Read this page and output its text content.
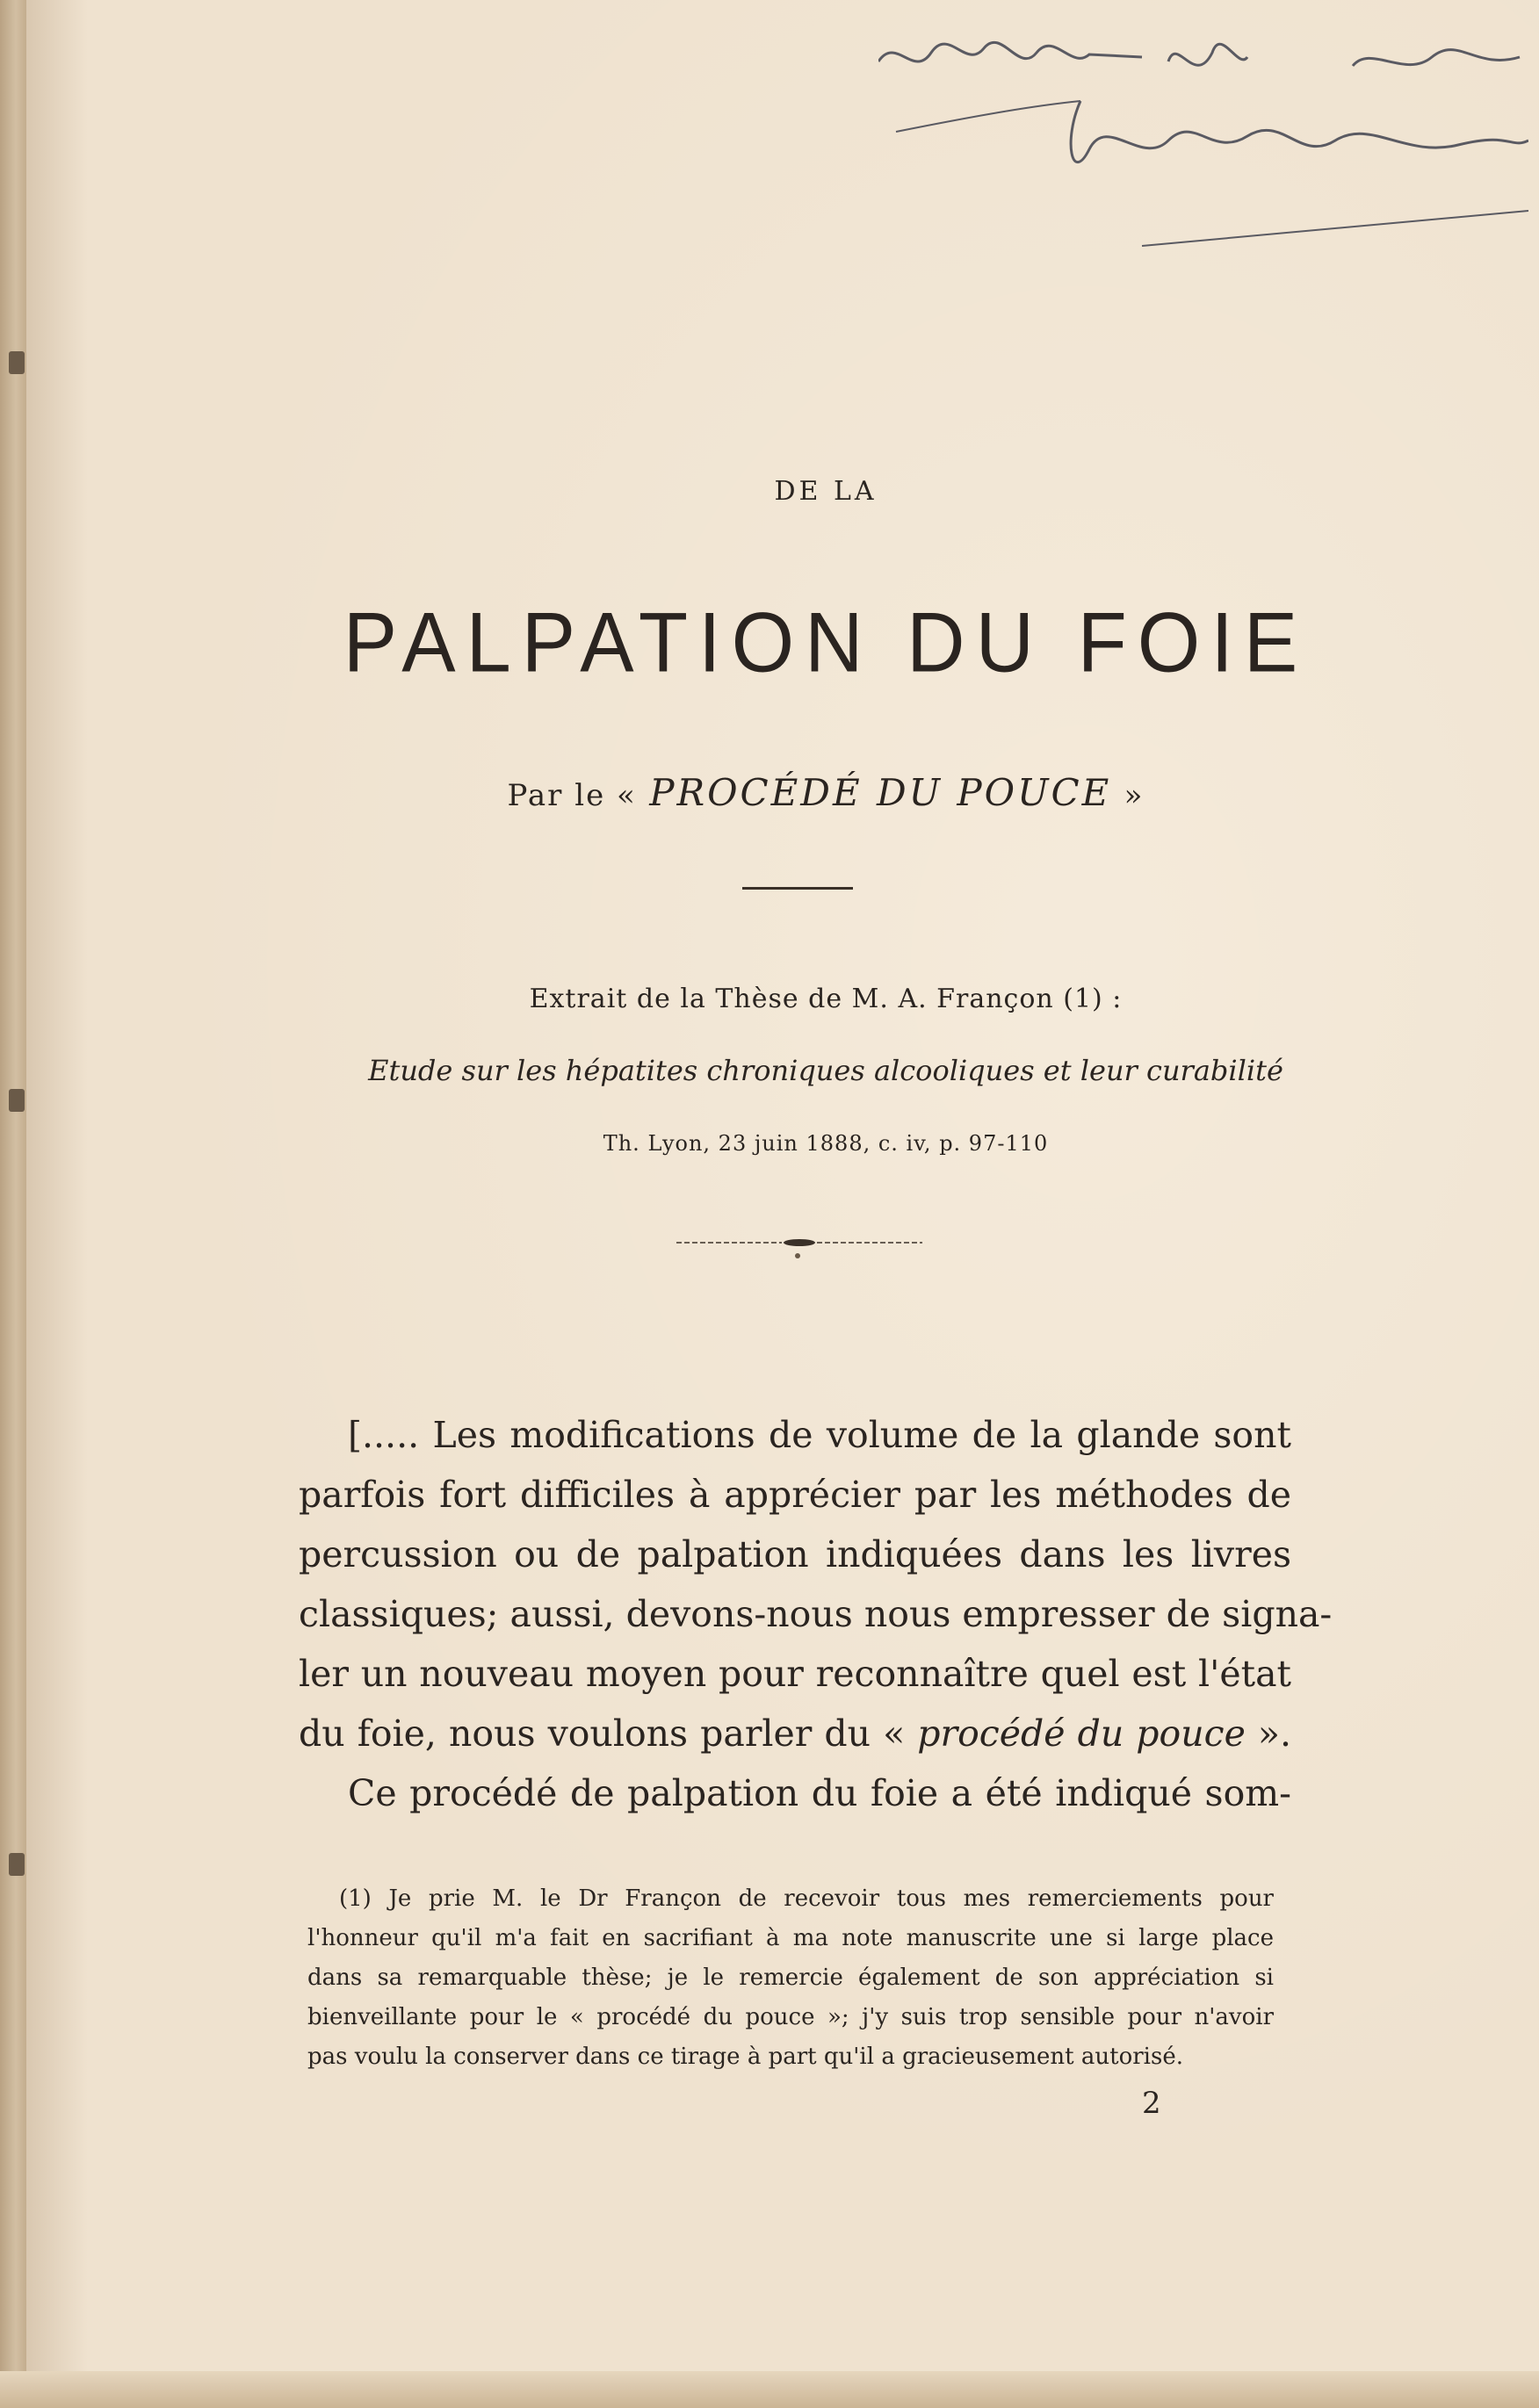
DE LA
PALPATION DU FOIE
Par le « PROCÉDÉ DU POUCE »
Extrait de la Thèse de M. A. Françon (1) :
Etude sur les hépatites chroniques alcooliques et leur curabilité
Th. Lyon, 23 juin 1888, c. iv, p. 97-110
[..... Les modifications de volume de la glande sont
parfois fort difficiles à apprécier par les méthodes de
percussion ou de palpation indiquées dans les livres
classiques; aussi, devons-nous nous empresser de signa-
ler un nouveau moyen pour reconnaître quel est l'état
du foie, nous voulons parler du « procédé du pouce ».
Ce procédé de palpation du foie a été indiqué som-
(1) Je prie M. le Dr Françon de recevoir tous mes remerciements pour
l'honneur qu'il m'a fait en sacrifiant à ma note manuscrite une si large place
dans sa remarquable thèse; je le remercie également de son appréciation si
bienveillante pour le « procédé du pouce »; j'y suis trop sensible pour n'avoir
pas voulu la conserver dans ce tirage à part qu'il a gracieusement autorisé.
2
